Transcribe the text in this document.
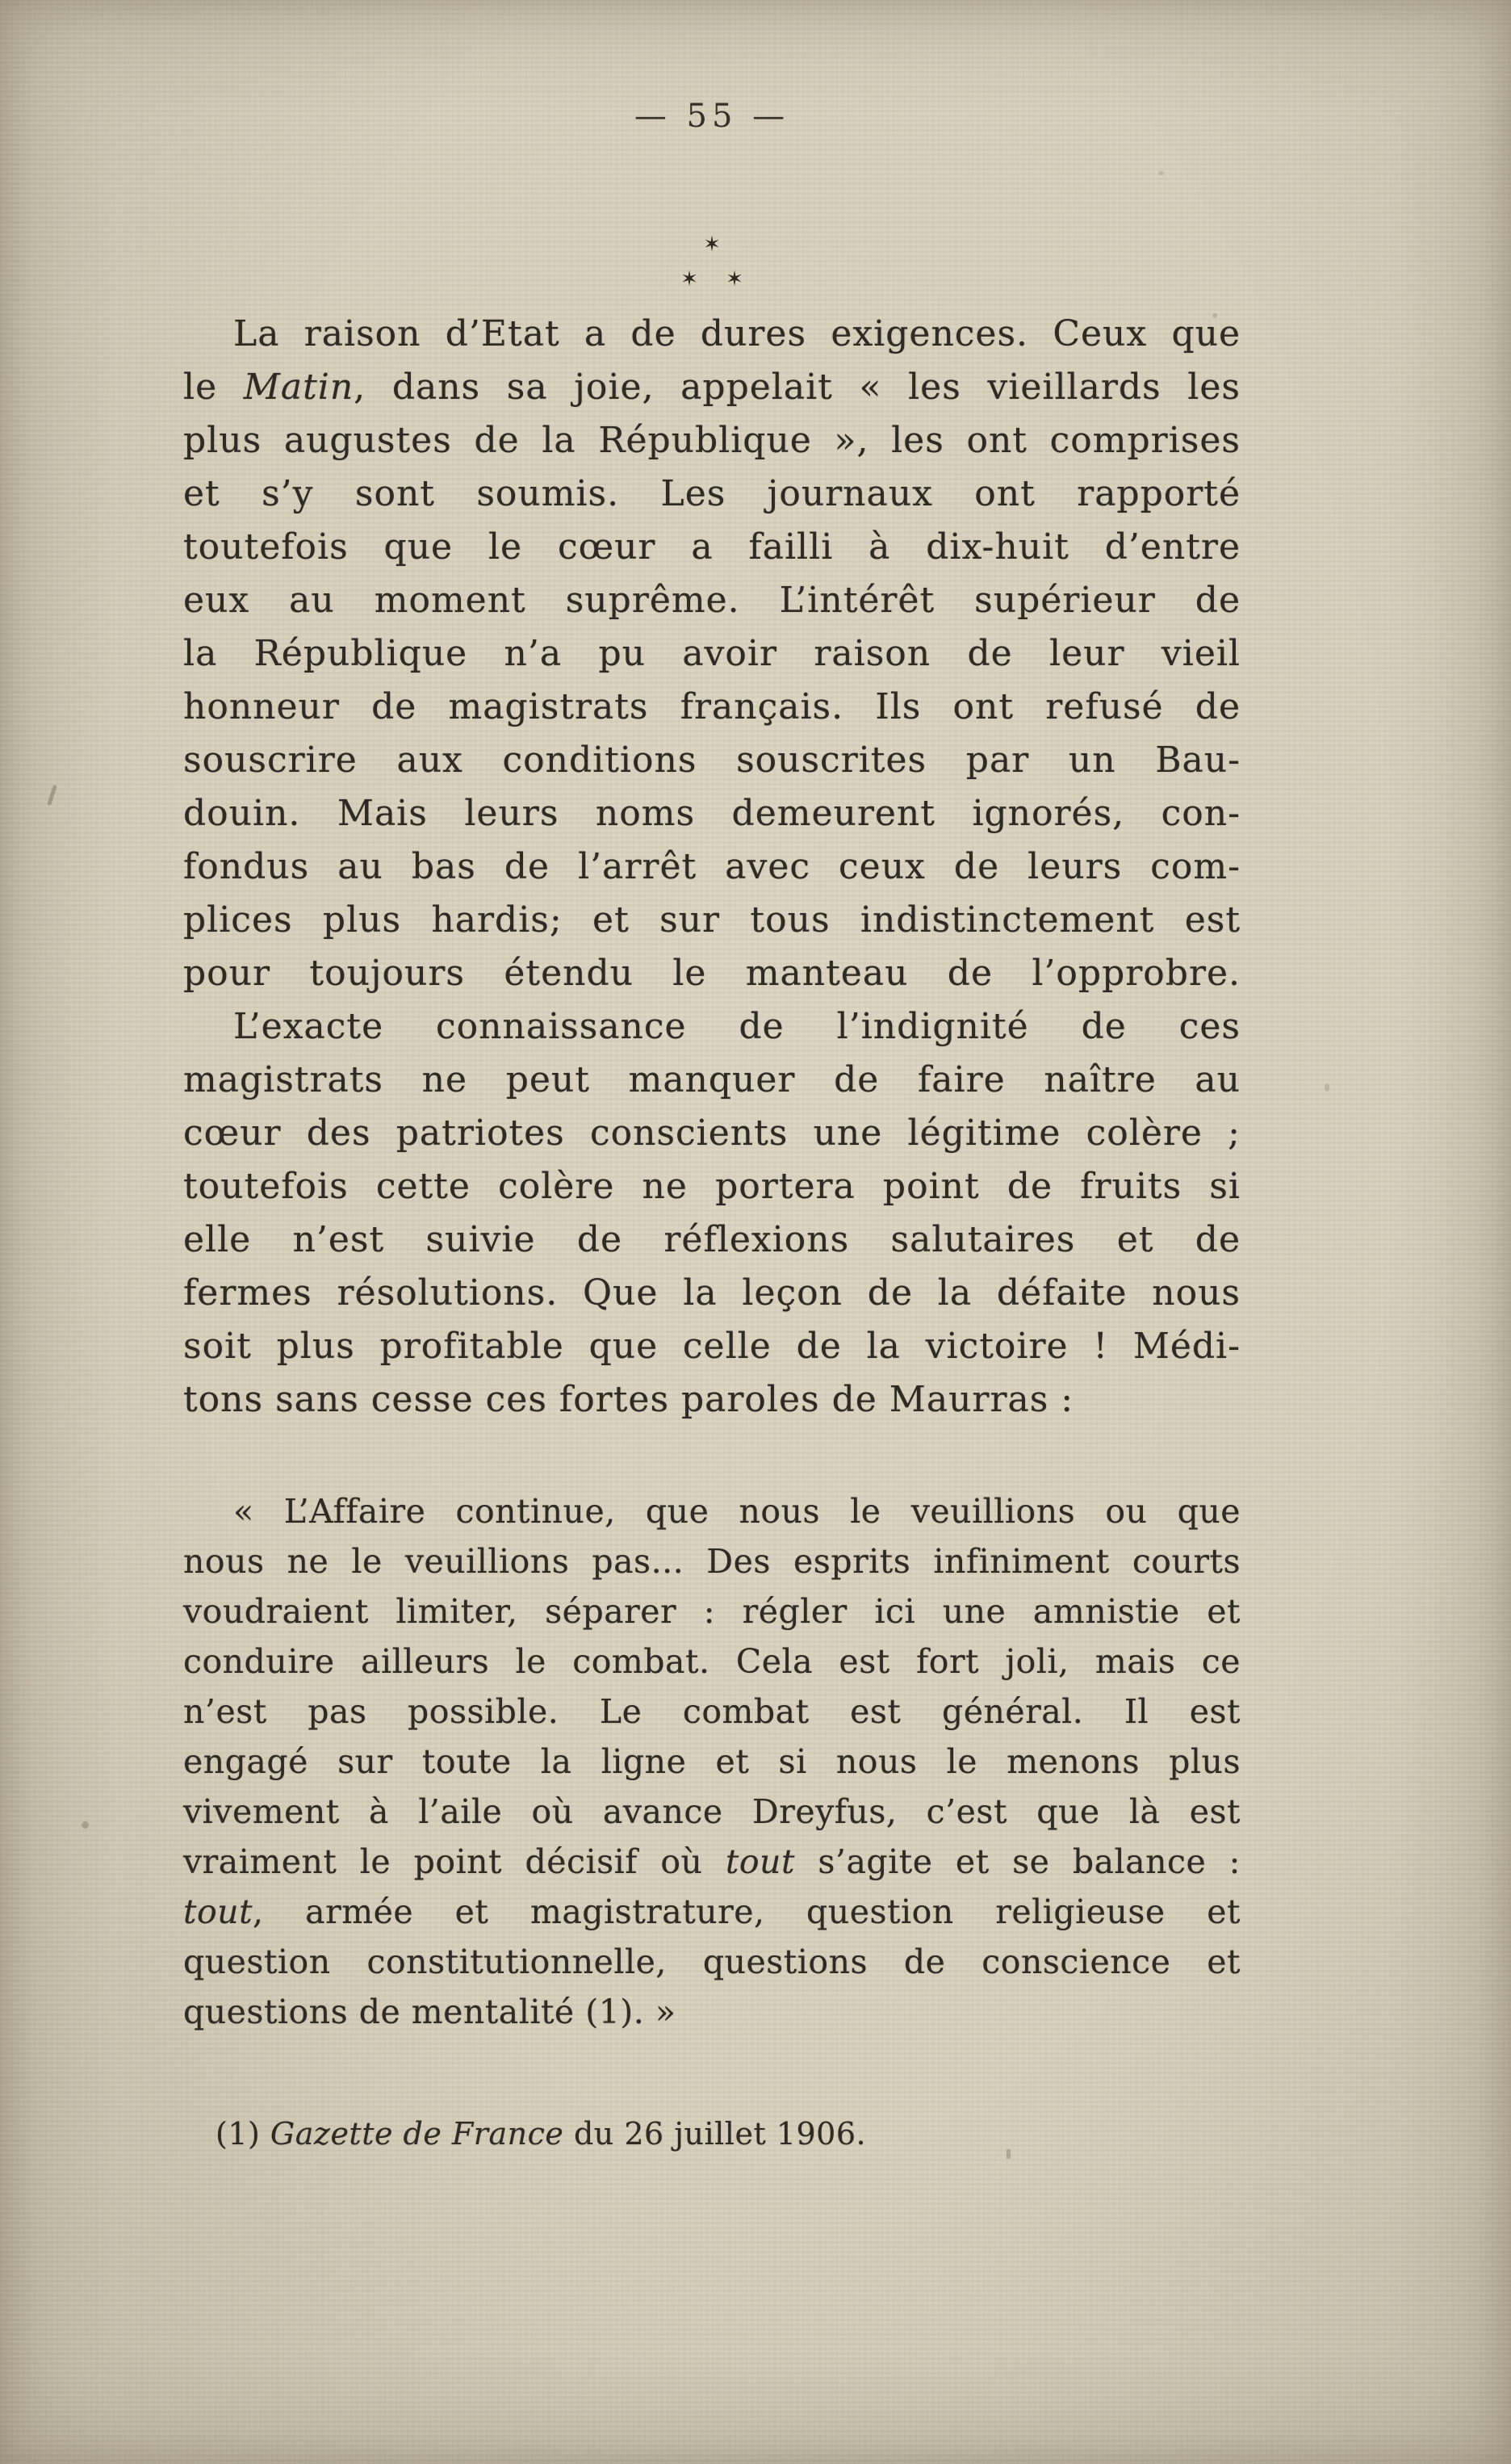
— 55 —
✶
✶ ✶
La raison d’Etat a de dures exigences. Ceux que
le Matin, dans sa joie, appelait « les vieillards les
plus augustes de la République », les ont comprises
et s’y sont soumis. Les journaux ont rapporté
toutefois que le cœur a failli à dix-huit d’entre
eux au moment suprême. L’intérêt supérieur de
la République n’a pu avoir raison de leur vieil
honneur de magistrats français. Ils ont refusé de
souscrire aux conditions souscrites par un Bau-
douin. Mais leurs noms demeurent ignorés, con-
fondus au bas de l’arrêt avec ceux de leurs com-
plices plus hardis; et sur tous indistinctement est
pour toujours étendu le manteau de l’opprobre.
L’exacte connaissance de l’indignité de ces
magistrats ne peut manquer de faire naître au
cœur des patriotes conscients une légitime colère ;
toutefois cette colère ne portera point de fruits si
elle n’est suivie de réflexions salutaires et de
fermes résolutions. Que la leçon de la défaite nous
soit plus profitable que celle de la victoire ! Médi-
tons sans cesse ces fortes paroles de Maurras :
« L’Affaire continue, que nous le veuillions ou que
nous ne le veuillions pas... Des esprits infiniment courts
voudraient limiter, séparer : régler ici une amnistie et
conduire ailleurs le combat. Cela est fort joli, mais ce
n’est pas possible. Le combat est général. Il est
engagé sur toute la ligne et si nous le menons plus
vivement à l’aile où avance Dreyfus, c’est que là est
vraiment le point décisif où tout s’agite et se balance :
tout, armée et magistrature, question religieuse et
question constitutionnelle, questions de conscience et
questions de mentalité (1). »
(1) Gazette de France du 26 juillet 1906.
